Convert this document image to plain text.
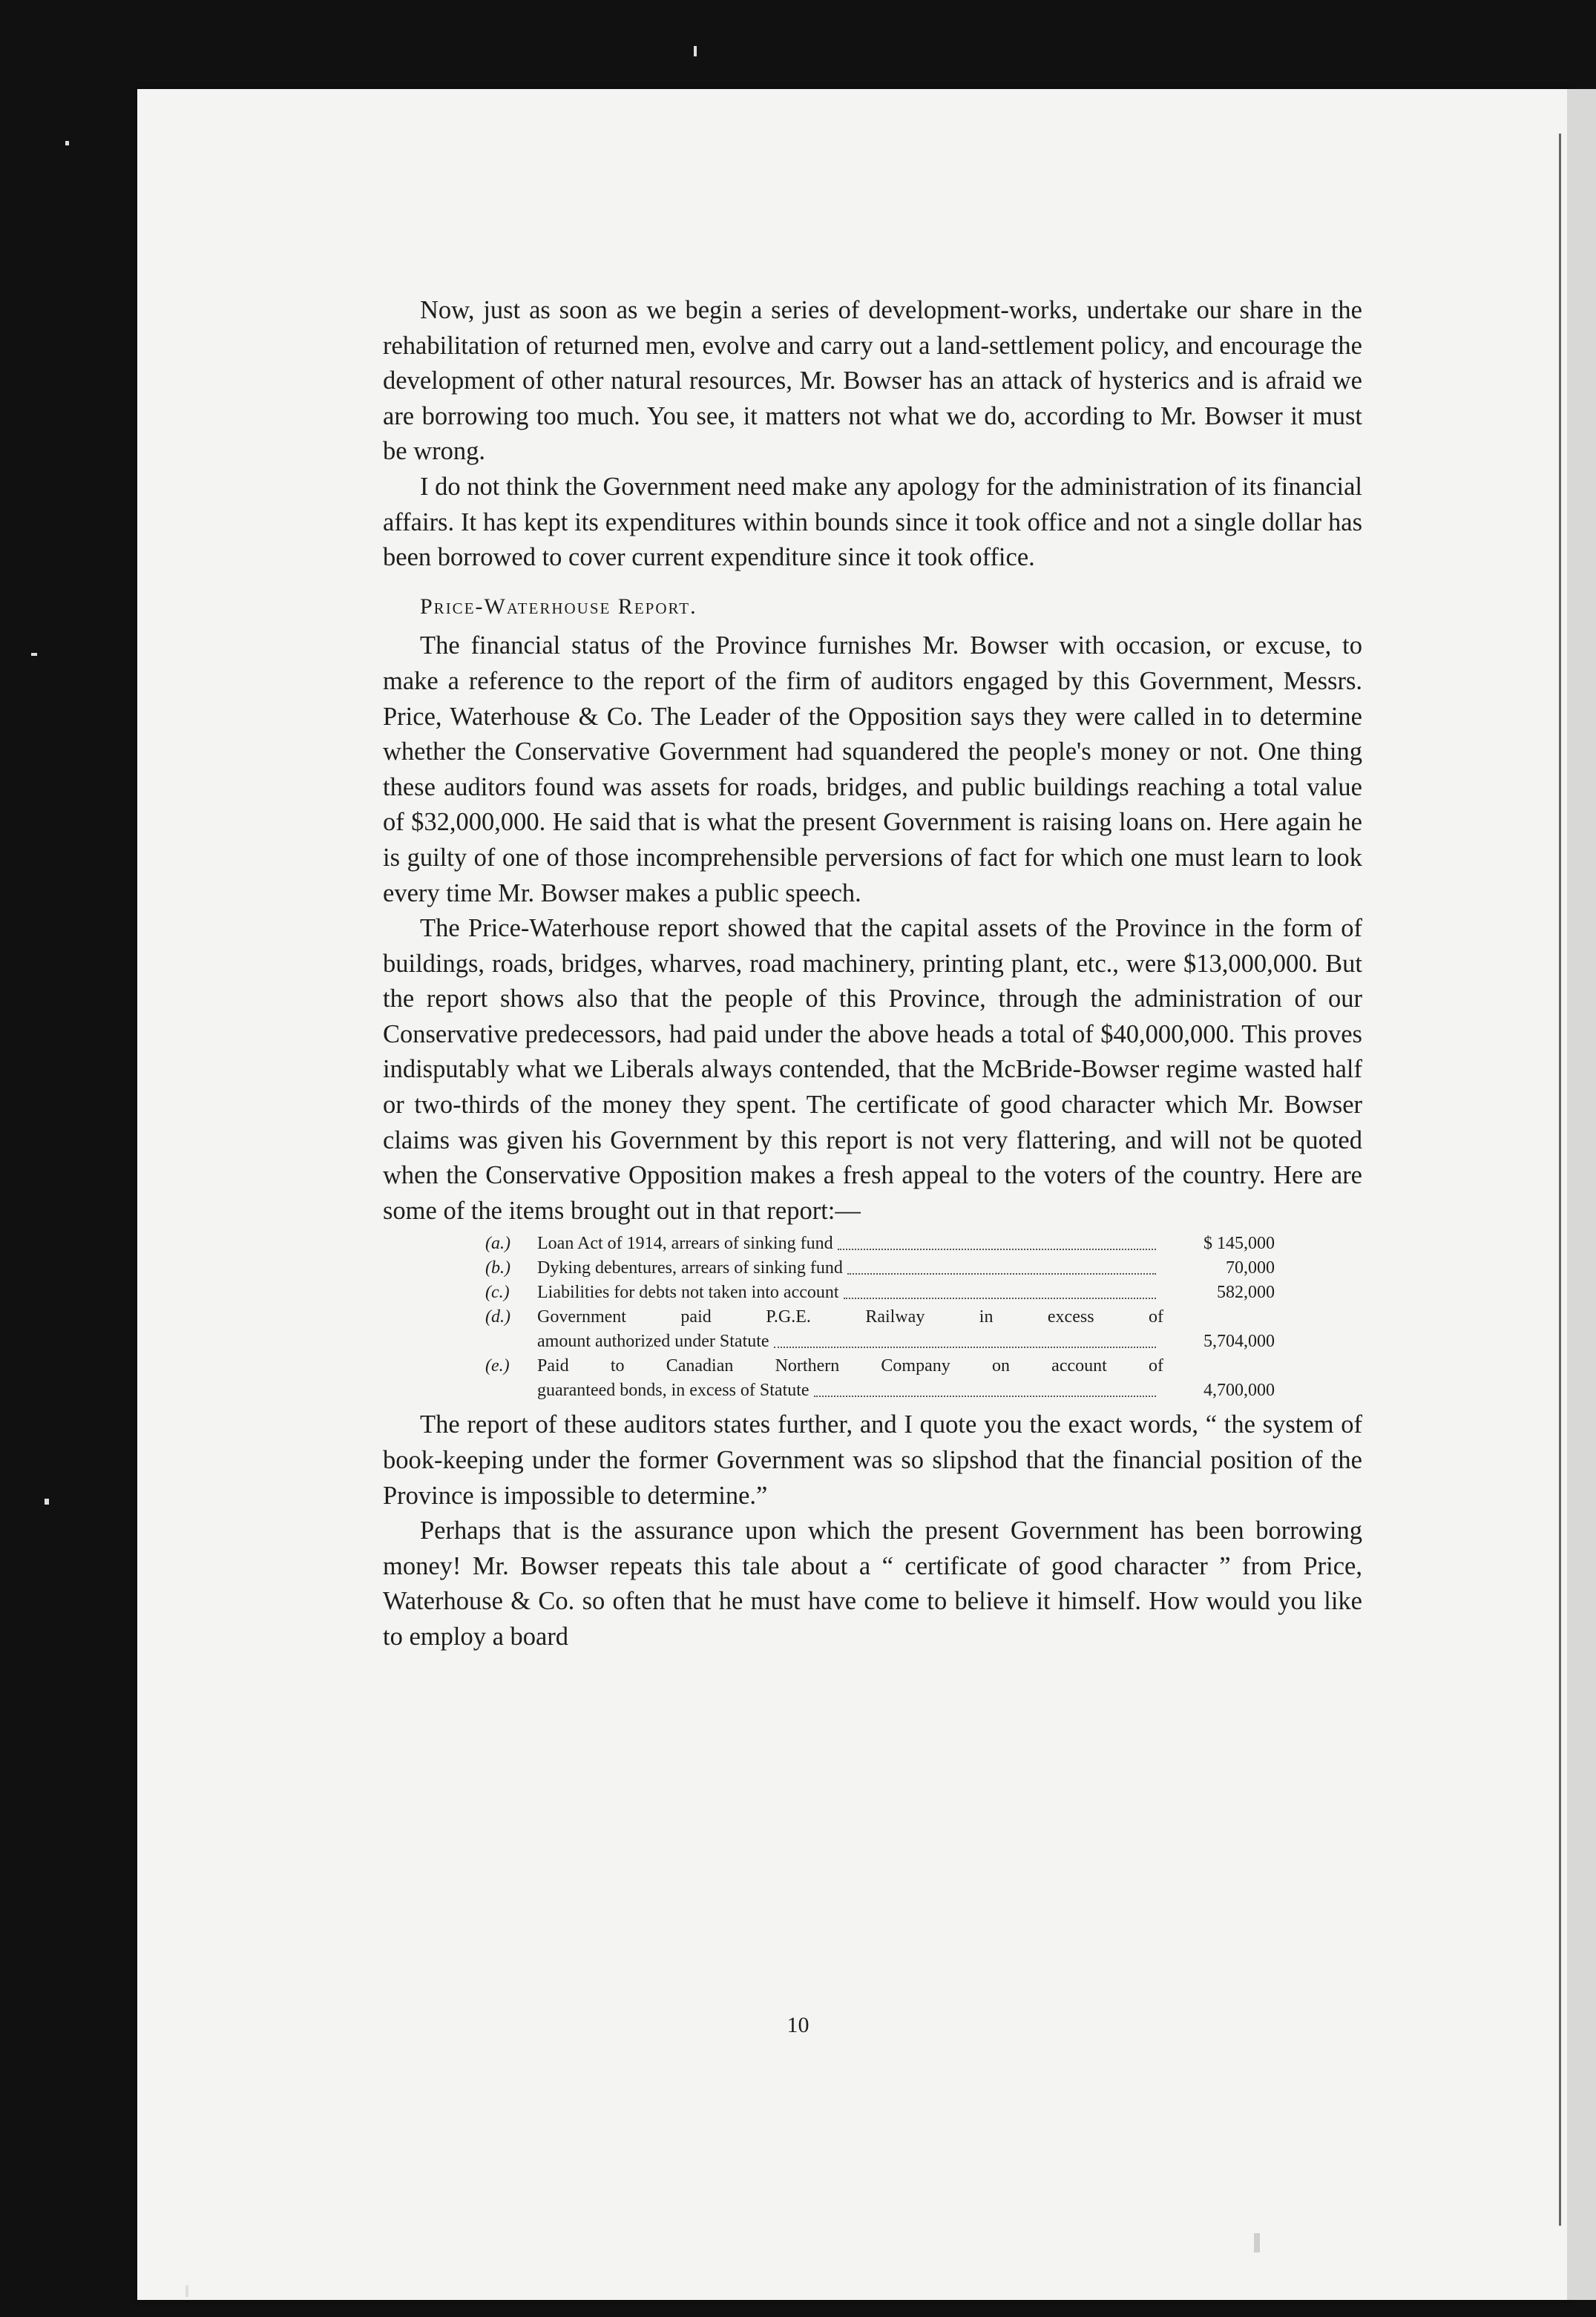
Now, just as soon as we begin a series of development-works, undertake our share in the rehabilitation of returned men, evolve and carry out a land-settlement policy, and encourage the development of other natural resources, Mr. Bowser has an attack of hysterics and is afraid we are borrowing too much. You see, it matters not what we do, according to Mr. Bowser it must be wrong.

I do not think the Government need make any apology for the administration of its financial affairs. It has kept its expenditures within bounds since it took office and not a single dollar has been borrowed to cover current expenditure since it took office.

Price-Waterhouse Report.

The financial status of the Province furnishes Mr. Bowser with occasion, or excuse, to make a reference to the report of the firm of auditors engaged by this Government, Messrs. Price, Waterhouse & Co. The Leader of the Opposition says they were called in to determine whether the Conservative Government had squandered the people's money or not. One thing these auditors found was assets for roads, bridges, and public buildings reaching a total value of $32,000,000. He said that is what the present Government is raising loans on. Here again he is guilty of one of those incomprehensible perversions of fact for which one must learn to look every time Mr. Bowser makes a public speech.

The Price-Waterhouse report showed that the capital assets of the Province in the form of buildings, roads, bridges, wharves, road machinery, printing plant, etc., were $13,000,000. But the report shows also that the people of this Province, through the administration of our Conservative predecessors, had paid under the above heads a total of $40,000,000. This proves indisputably what we Liberals always contended, that the McBride-Bowser regime wasted half or two-thirds of the money they spent. The certificate of good character which Mr. Bowser claims was given his Government by this report is not very flattering, and will not be quoted when the Conservative Opposition makes a fresh appeal to the voters of the country. Here are some of the items brought out in that report:—

(a.)	Loan Act of 1914, arrears of sinking fund	$ 145,000
(b.)	Dyking debentures, arrears of sinking fund	70,000
(c.)	Liabilities for debts not taken into account	582,000
(d.)	Government paid P.G.E. Railway in excess of
amount authorized under Statute	5,704,000
(e.)	Paid to Canadian Northern Company on account of
guaranteed bonds, in excess of Statute	4,700,000

The report of these auditors states further, and I quote you the exact words, “ the system of book-keeping under the former Government was so slipshod that the financial position of the Province is impossible to determine.”

Perhaps that is the assurance upon which the present Government has been borrowing money! Mr. Bowser repeats this tale about a “ certificate of good character ” from Price, Waterhouse & Co. so often that he must have come to believe it himself. How would you like to employ a board

10
